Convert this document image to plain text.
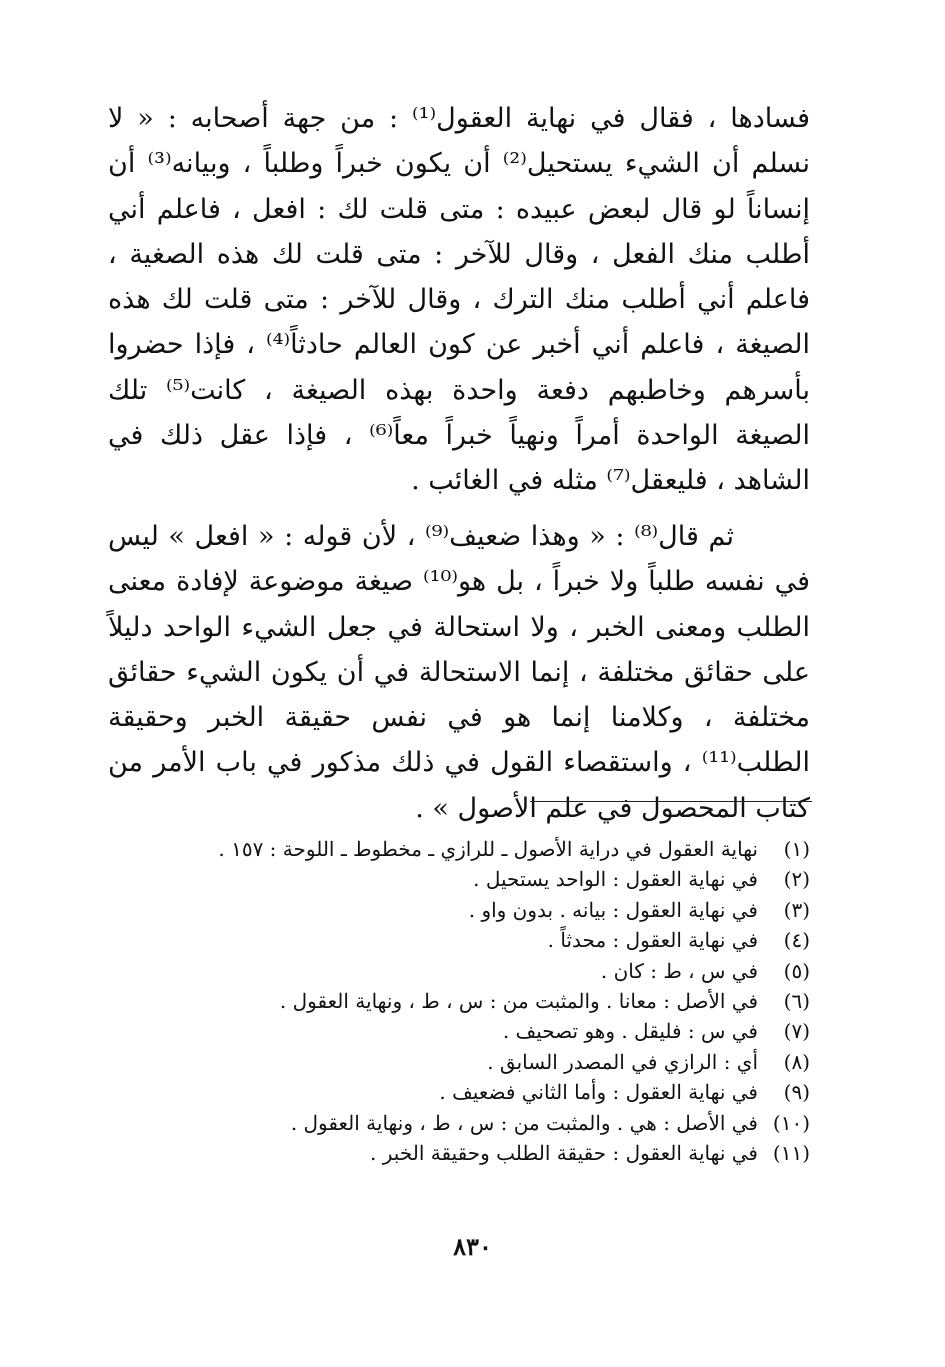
فسادها ، فقال في نهاية العقول⁽¹⁾ : من جهة أصحابه : « لا نسلم أن الشيء يستحيل⁽²⁾ أن يكون خبراً وطلباً ، وبيانه⁽³⁾ أن إنساناً لو قال لبعض عبيده : متى قلت لك : افعل ، فاعلم أني أطلب منك الفعل ، وقال للآخر : متى قلت لك هذه الصغية ، فاعلم أني أطلب منك الترك ، وقال للآخر : متى قلت لك هذه الصيغة ، فاعلم أني أخبر عن كون العالم حادثاً⁽⁴⁾ ، فإذا حضروا بأسرهم وخاطبهم دفعة واحدة بهذه الصيغة ، كانت⁽⁵⁾ تلك الصيغة الواحدة أمراً ونهياً خبراً معاً⁽⁶⁾ ، فإذا عقل ذلك في الشاهد ، فليعقل⁽⁷⁾ مثله في الغائب .

ثم قال⁽⁸⁾ : « وهذا ضعيف⁽⁹⁾ ، لأن قوله : « افعل » ليس في نفسه طلباً ولا خبراً ، بل هو⁽¹⁰⁾ صيغة موضوعة لإفادة معنى الطلب ومعنى الخبر ، ولا استحالة في جعل الشيء الواحد دليلاً على حقائق مختلفة ، إنما الاستحالة في أن يكون الشيء حقائق مختلفة ، وكلامنا إنما هو في نفس حقيقة الخبر وحقيقة الطلب⁽¹¹⁾ ، واستقصاء القول في ذلك مذكور في باب الأمر من كتاب المحصول في علم الأصول » .

(١)
نهاية العقول في دراية الأصول ـ للرازي ـ مخطوط ـ اللوحة : ١٥٧ .
(٢)
في نهاية العقول : الواحد يستحيل .
(٣)
في نهاية العقول : بيانه . بدون واو .
(٤)
في نهاية العقول : محدثاً .
(٥)
في س ، ط : كان .
(٦)
في الأصل : معانا . والمثبت من : س ، ط ، ونهاية العقول .
(٧)
في س : فليقل . وهو تصحيف .
(٨)
أي : الرازي في المصدر السابق .
(٩)
في نهاية العقول : وأما الثاني فضعيف .
(١٠)
في الأصل : هي . والمثبت من : س ، ط ، ونهاية العقول .
(١١)
في نهاية العقول : حقيقة الطلب وحقيقة الخبر .
٨٣٠
